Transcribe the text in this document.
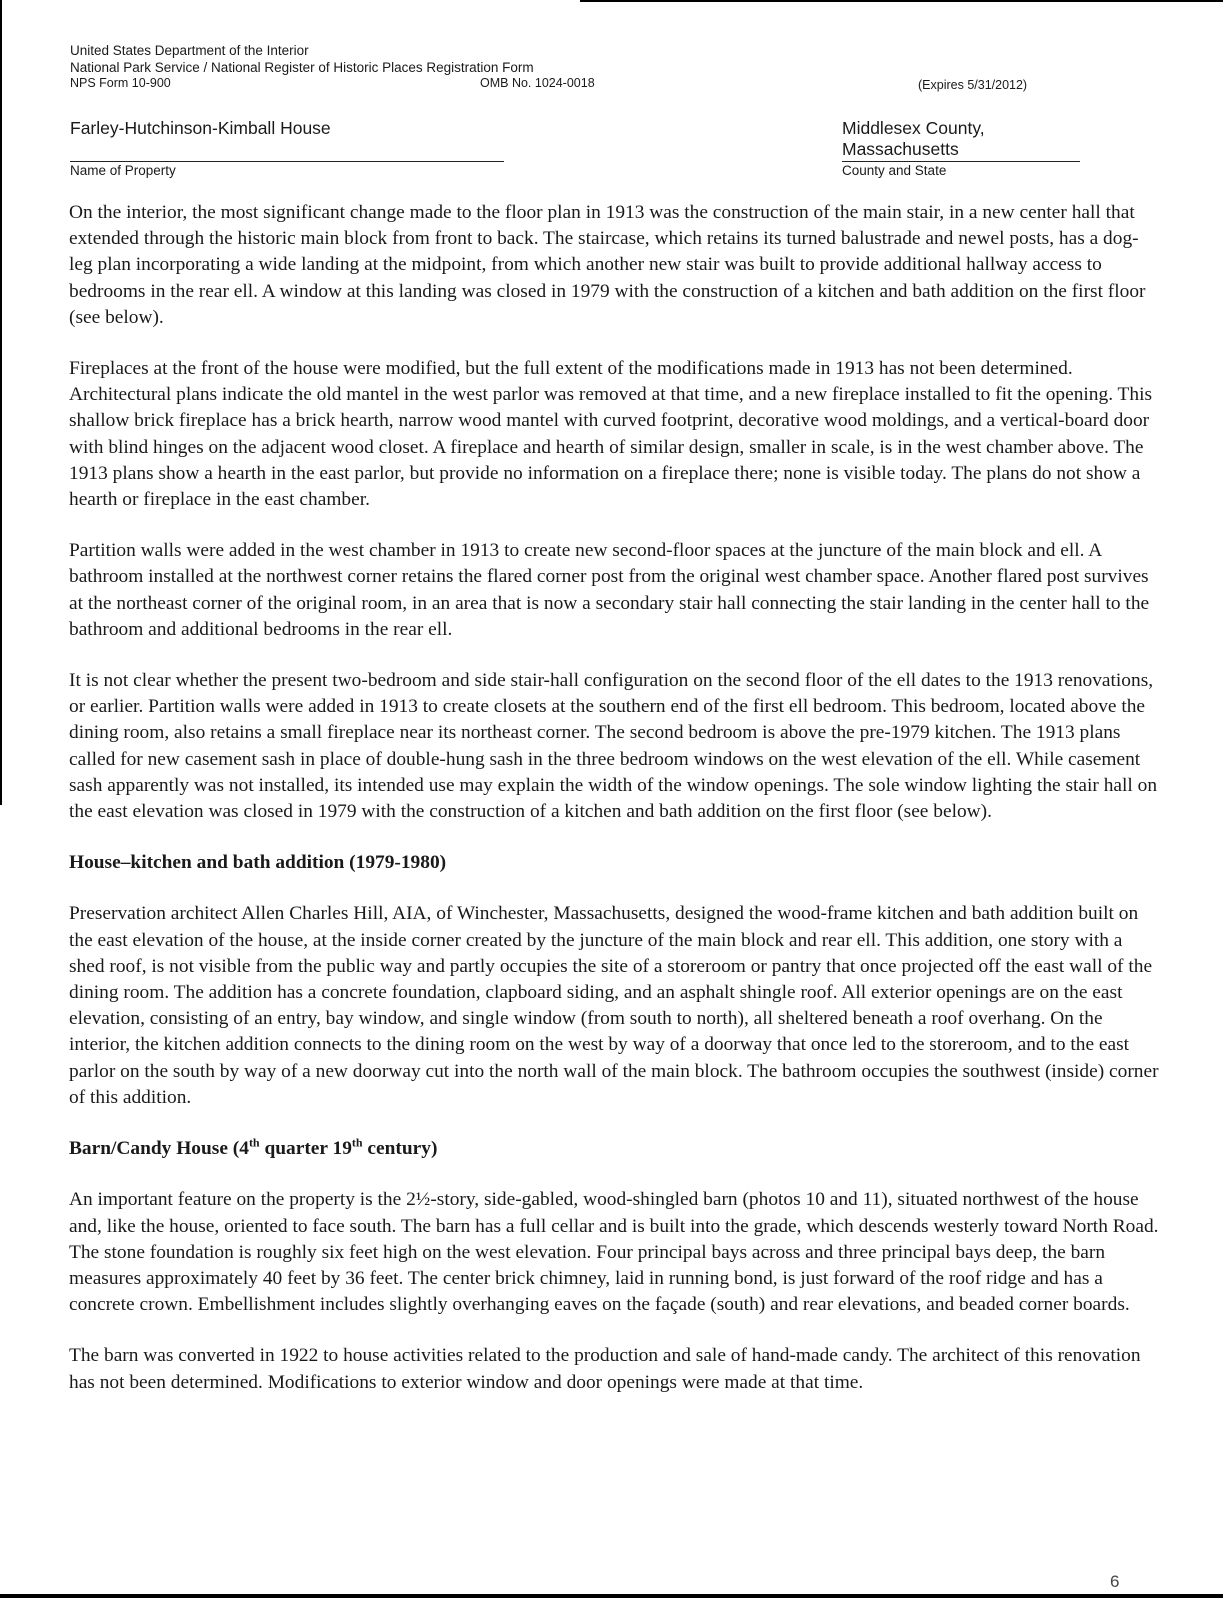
United States Department of the Interior
National Park Service / National Register of Historic Places Registration Form
NPS Form 10-900	OMB No. 1024-0018	(Expires 5/31/2012)
Farley-Hutchinson-Kimball House
Name of Property
Middlesex County,
Massachusetts
County and State

On the interior, the most significant change made to the floor plan in 1913 was the construction of the main stair, in a new center hall that extended through the historic main block from front to back. The staircase, which retains its turned balustrade and newel posts, has a dog-leg plan incorporating a wide landing at the midpoint, from which another new stair was built to provide additional hallway access to bedrooms in the rear ell. A window at this landing was closed in 1979 with the construction of a kitchen and bath addition on the first floor (see below).

Fireplaces at the front of the house were modified, but the full extent of the modifications made in 1913 has not been determined. Architectural plans indicate the old mantel in the west parlor was removed at that time, and a new fireplace installed to fit the opening. This shallow brick fireplace has a brick hearth, narrow wood mantel with curved footprint, decorative wood moldings, and a vertical-board door with blind hinges on the adjacent wood closet. A fireplace and hearth of similar design, smaller in scale, is in the west chamber above. The 1913 plans show a hearth in the east parlor, but provide no information on a fireplace there; none is visible today. The plans do not show a hearth or fireplace in the east chamber.

Partition walls were added in the west chamber in 1913 to create new second-floor spaces at the juncture of the main block and ell. A bathroom installed at the northwest corner retains the flared corner post from the original west chamber space. Another flared post survives at the northeast corner of the original room, in an area that is now a secondary stair hall connecting the stair landing in the center hall to the bathroom and additional bedrooms in the rear ell.

It is not clear whether the present two-bedroom and side stair-hall configuration on the second floor of the ell dates to the 1913 renovations, or earlier. Partition walls were added in 1913 to create closets at the southern end of the first ell bedroom. This bedroom, located above the dining room, also retains a small fireplace near its northeast corner. The second bedroom is above the pre-1979 kitchen. The 1913 plans called for new casement sash in place of double-hung sash in the three bedroom windows on the west elevation of the ell. While casement sash apparently was not installed, its intended use may explain the width of the window openings. The sole window lighting the stair hall on the east elevation was closed in 1979 with the construction of a kitchen and bath addition on the first floor (see below).

House–kitchen and bath addition (1979-1980)

Preservation architect Allen Charles Hill, AIA, of Winchester, Massachusetts, designed the wood-frame kitchen and bath addition built on the east elevation of the house, at the inside corner created by the juncture of the main block and rear ell. This addition, one story with a shed roof, is not visible from the public way and partly occupies the site of a storeroom or pantry that once projected off the east wall of the dining room. The addition has a concrete foundation, clapboard siding, and an asphalt shingle roof. All exterior openings are on the east elevation, consisting of an entry, bay window, and single window (from south to north), all sheltered beneath a roof overhang. On the interior, the kitchen addition connects to the dining room on the west by way of a doorway that once led to the storeroom, and to the east parlor on the south by way of a new doorway cut into the north wall of the main block. The bathroom occupies the southwest (inside) corner of this addition.

Barn/Candy House (4th quarter 19th century)

An important feature on the property is the 2½-story, side-gabled, wood-shingled barn (photos 10 and 11), situated northwest of the house and, like the house, oriented to face south. The barn has a full cellar and is built into the grade, which descends westerly toward North Road. The stone foundation is roughly six feet high on the west elevation. Four principal bays across and three principal bays deep, the barn measures approximately 40 feet by 36 feet. The center brick chimney, laid in running bond, is just forward of the roof ridge and has a concrete crown. Embellishment includes slightly overhanging eaves on the façade (south) and rear elevations, and beaded corner boards.

The barn was converted in 1922 to house activities related to the production and sale of hand-made candy. The architect of this renovation has not been determined. Modifications to exterior window and door openings were made at that time.

6
